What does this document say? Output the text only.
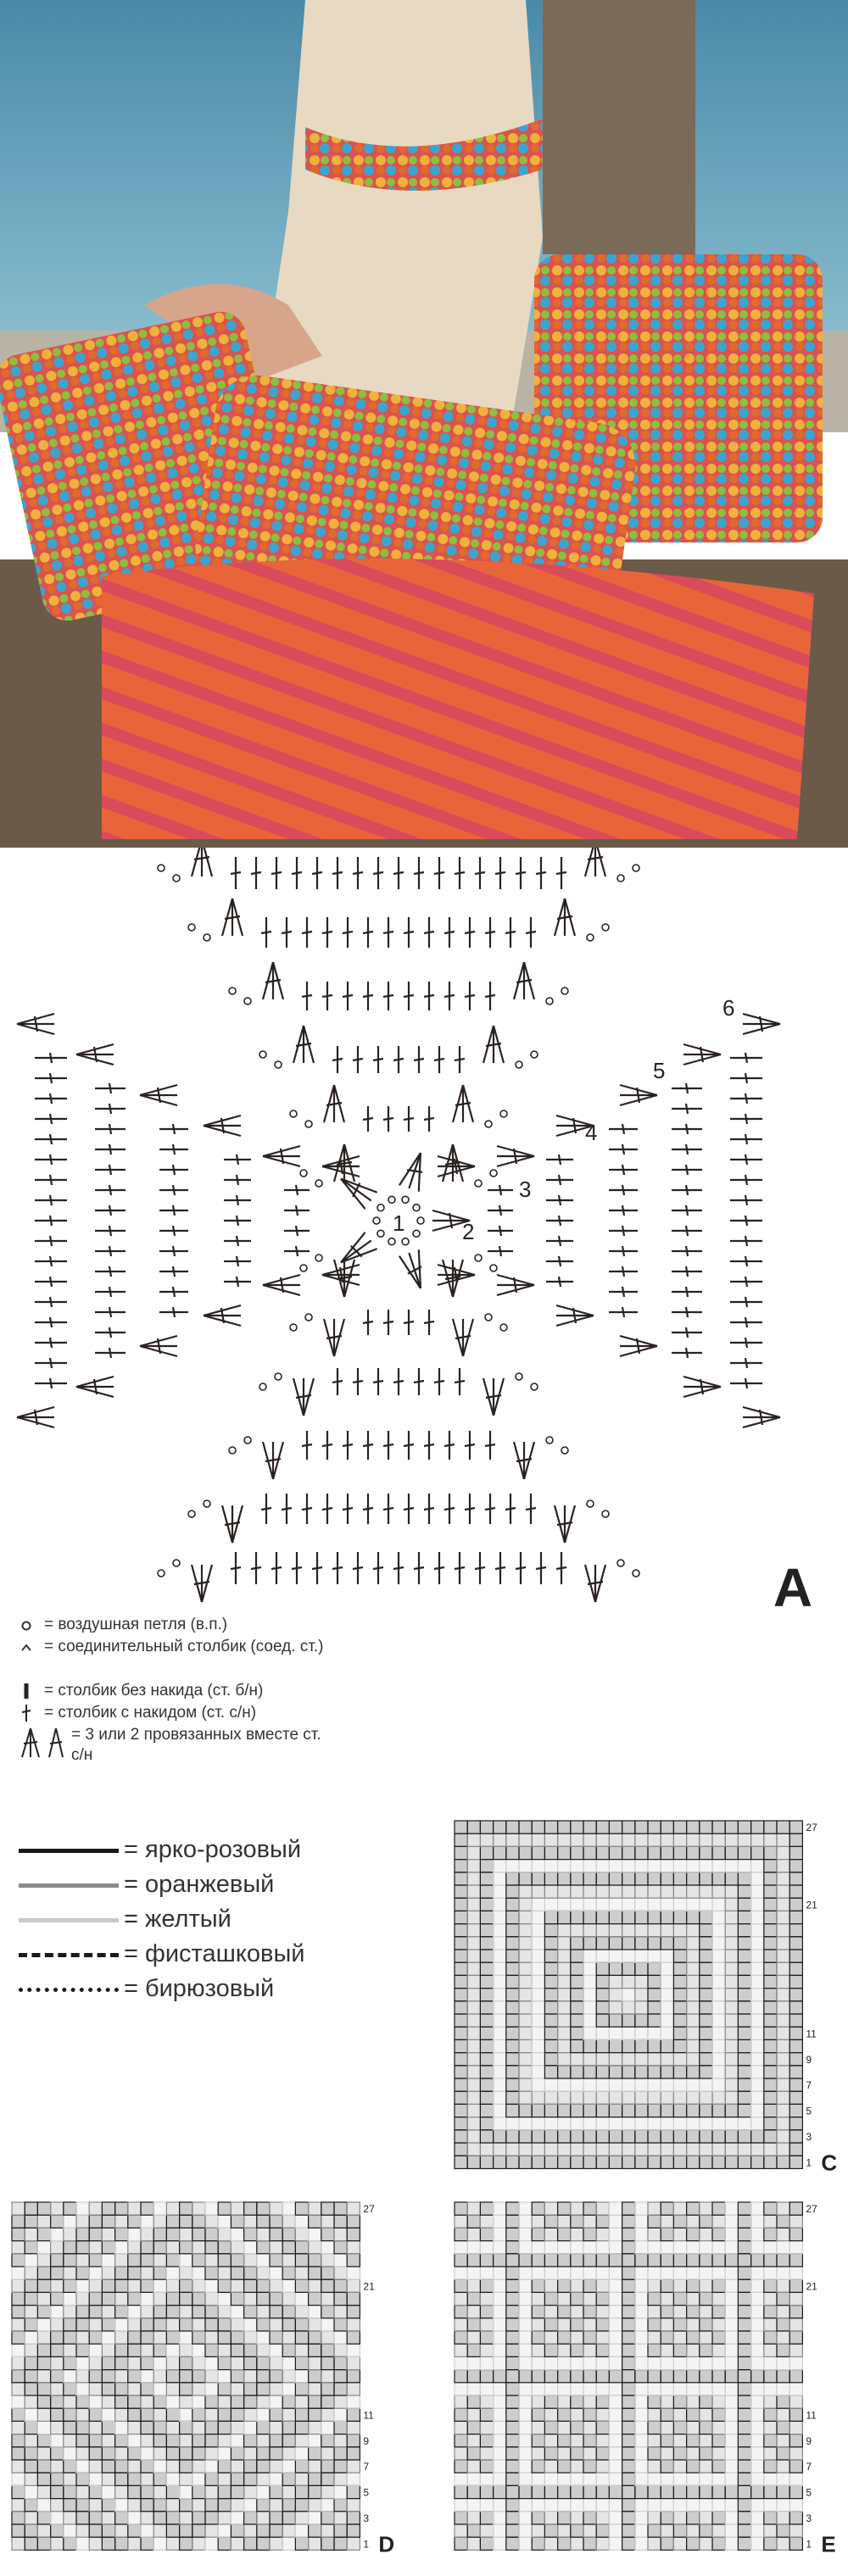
1	2
3
4
5
6
A
= воздушная петля (в.п.)
= соединительный столбик (соед. ст.)
= столбик без накида (ст. б/н)
= столбик с накидом (ст. с/н)
= 3 или 2 провязанных вместе ст. с/н
= ярко-розовый
= оранжевый
= желтый
= фисташковый
= бирюзовый
1
3
5
7
9
11
21
27
C
1
3
5
7
9
11
21
27
D	1
3
5
7
9
11
21
27
E
